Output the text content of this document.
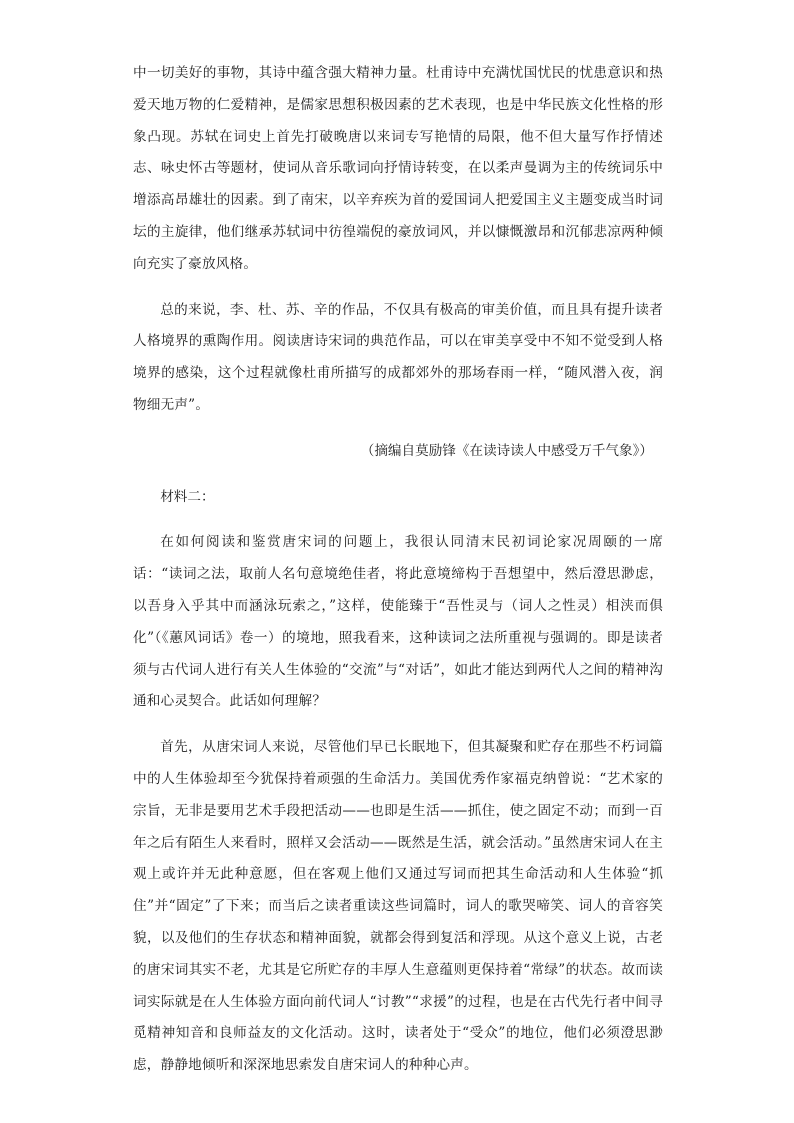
中一切美好的事物，其诗中蕴含强大精神力量。杜甫诗中充满忧国忧民的忧患意识和热爱天地万物的仁爱精神，是儒家思想积极因素的艺术表现，也是中华民族文化性格的形象凸现。苏轼在词史上首先打破晚唐以来词专写艳情的局限，他不但大量写作抒情述志、咏史怀古等题材，使词从音乐歌词向抒情诗转变，在以柔声曼调为主的传统词乐中增添高昂雄壮的因素。到了南宋，以辛弃疾为首的爱国词人把爱国主义主题变成当时词坛的主旋律，他们继承苏轼词中彷徨端倪的豪放词风，并以慷慨激昂和沉郁悲凉两种倾向充实了豪放风格。

总的来说，李、杜、苏、辛的作品，不仅具有极高的审美价值，而且具有提升读者人格境界的熏陶作用。阅读唐诗宋词的典范作品，可以在审美享受中不知不觉受到人格境界的感染，这个过程就像杜甫所描写的成都郊外的那场春雨一样，“随风潜入夜，润物细无声”。

（摘编自莫励锋《在读诗读人中感受万千气象》）

材料二：

在如何阅读和鉴赏唐宋词的问题上，我很认同清末民初词论家况周颐的一席话：“读词之法，取前人名句意境绝佳者，将此意境缔构于吾想望中，然后澄思渺虑，以吾身入乎其中而涵泳玩索之，”这样，使能臻于“吾性灵与（词人之性灵）相浃而俱化”（《蕙风词话》卷一）的境地，照我看来，这种读词之法所重视与强调的。即是读者须与古代词人进行有关人生体验的“交流”与“对话”，如此才能达到两代人之间的精神沟通和心灵契合。此话如何理解？

首先，从唐宋词人来说，尽管他们早已长眠地下，但其凝聚和贮存在那些不朽词篇中的人生体验却至今犹保持着顽强的生命活力。美国优秀作家福克纳曾说：“艺术家的宗旨，无非是要用艺术手段把活动——也即是生活——抓住，使之固定不动；而到一百年之后有陌生人来看时，照样又会活动——既然是生活，就会活动。”虽然唐宋词人在主观上或许并无此种意愿，但在客观上他们又通过写词而把其生命活动和人生体验“抓住”并“固定”了下来；而当后之读者重读这些词篇时，词人的歌哭啼笑、词人的音容笑貌，以及他们的生存状态和精神面貌，就都会得到复活和浮现。从这个意义上说，古老的唐宋词其实不老，尤其是它所贮存的丰厚人生意蕴则更保持着“常绿”的状态。故而读词实际就是在人生体验方面向前代词人“讨教”“求援”的过程，也是在古代先行者中间寻觅精神知音和良师益友的文化活动。这时，读者处于“受众”的地位，他们必须澄思渺虑，静静地倾听和深深地思索发自唐宋词人的种种心声。
